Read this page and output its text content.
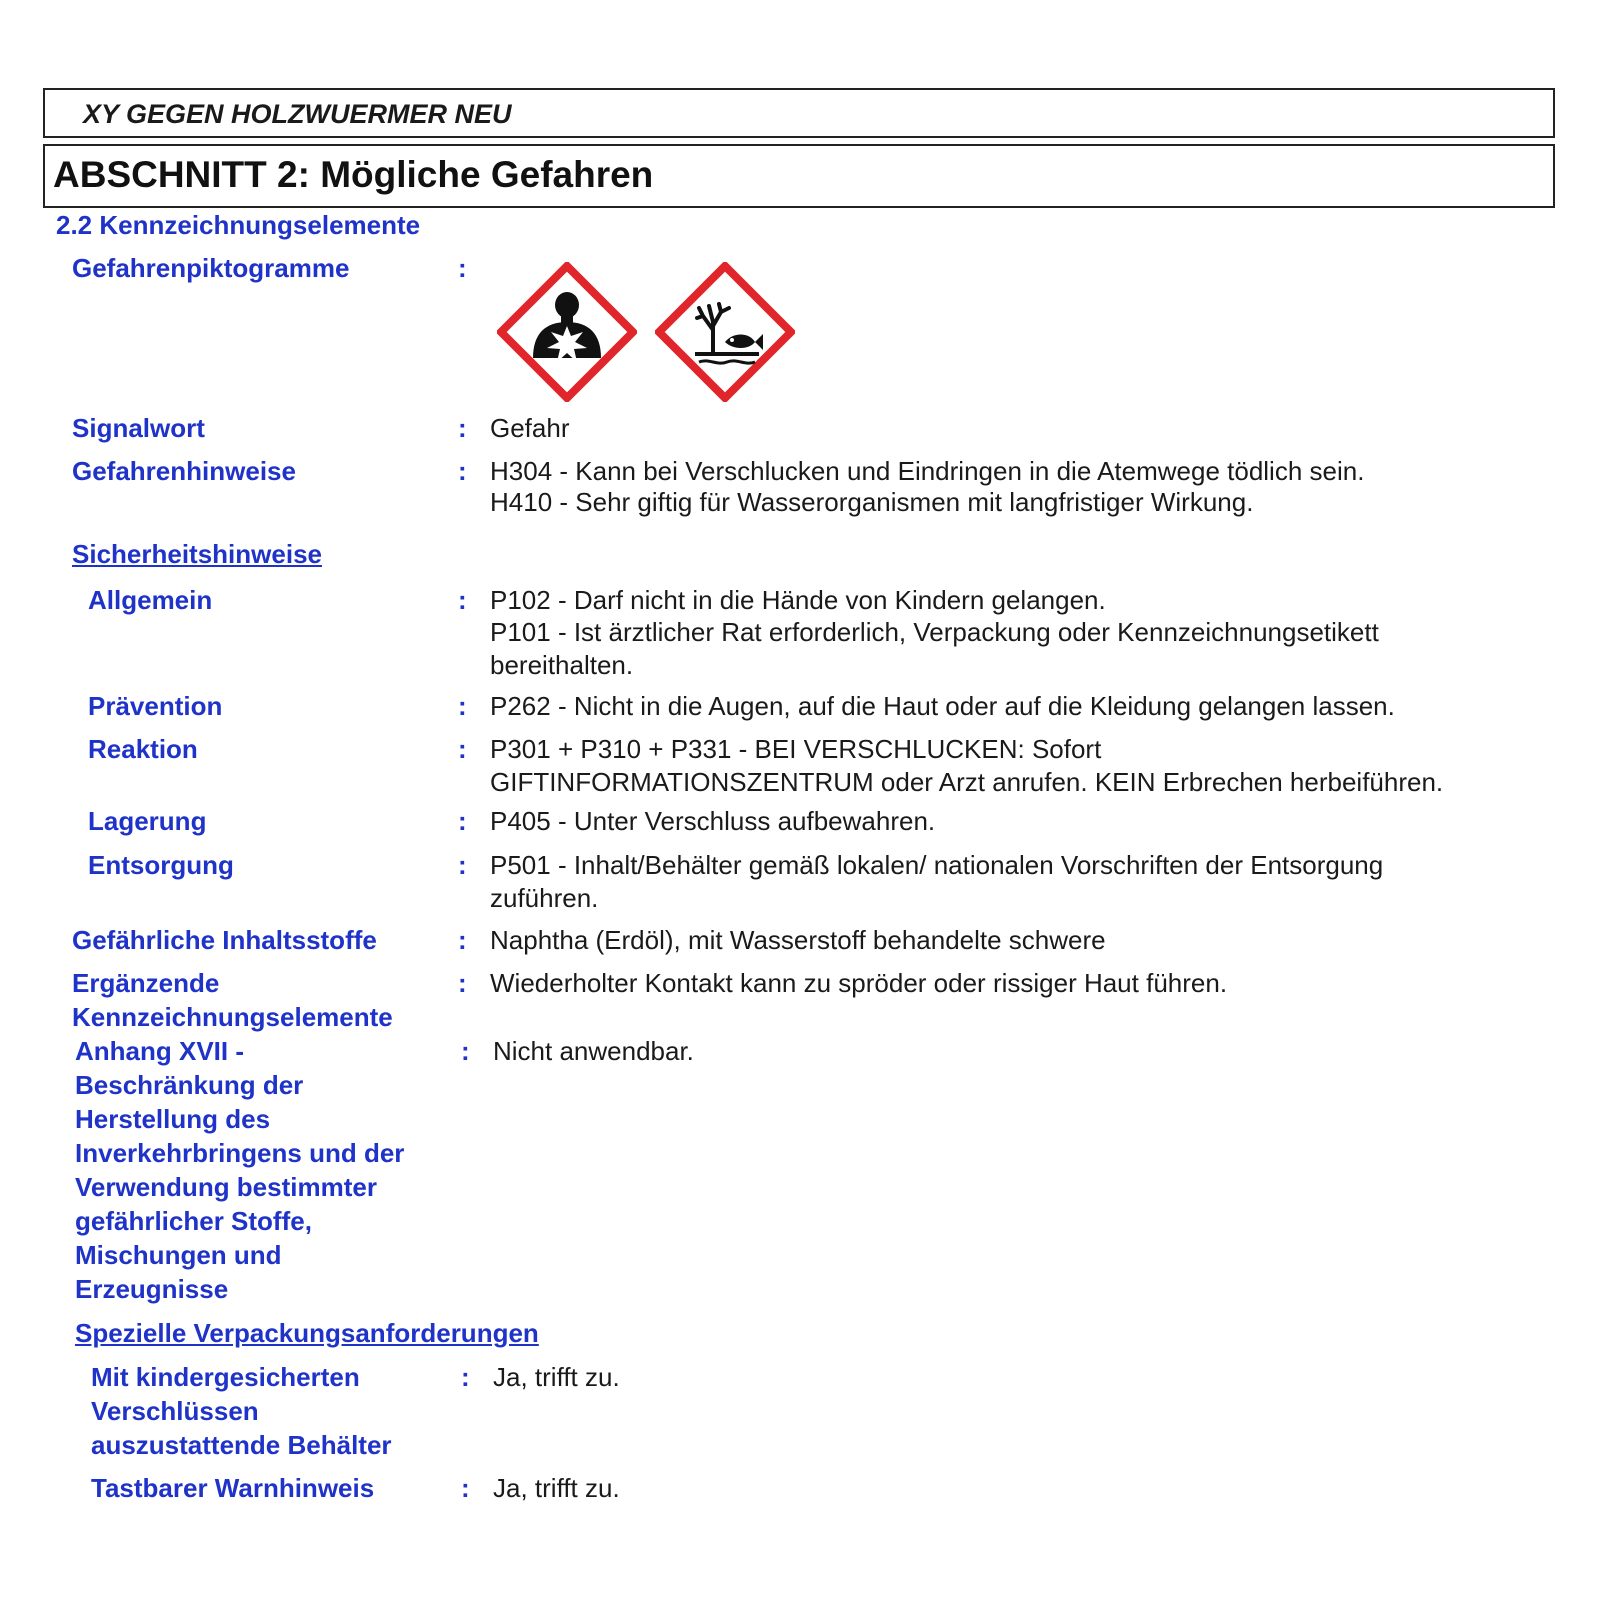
XY GEGEN HOLZWUERMER NEU
ABSCHNITT 2: Mögliche Gefahren
2.2 Kennzeichnungselemente
Gefahrenpiktogramme	:
Signalwort	: Gefahr
Gefahrenhinweise	: H304 - Kann bei Verschlucken und Eindringen in die Atemwege tödlich sein.
H410 - Sehr giftig für Wasserorganismen mit langfristiger Wirkung.
Sicherheitshinweise
Allgemein	: P102 - Darf nicht in die Hände von Kindern gelangen.
P101 - Ist ärztlicher Rat erforderlich, Verpackung oder Kennzeichnungsetikett
bereithalten.
Prävention	: P262 - Nicht in die Augen, auf die Haut oder auf die Kleidung gelangen lassen.
Reaktion	: P301 + P310 + P331 - BEI VERSCHLUCKEN: Sofort
GIFTINFORMATIONSZENTRUM oder Arzt anrufen. KEIN Erbrechen herbeiführen.
Lagerung	: P405 - Unter Verschluss aufbewahren.
Entsorgung	: P501 - Inhalt/Behälter gemäß lokalen/ nationalen Vorschriften der Entsorgung
zuführen.
Gefährliche Inhaltsstoffe	: Naphtha (Erdöl), mit Wasserstoff behandelte schwere
Ergänzende
Kennzeichnungselemente
: Wiederholter Kontakt kann zu spröder oder rissiger Haut führen.
Anhang XVII -
Beschränkung der
Herstellung des
Inverkehrbringens und der
Verwendung bestimmter
gefährlicher Stoffe,
Mischungen und
Erzeugnisse
: Nicht anwendbar.
Spezielle Verpackungsanforderungen
Mit kindergesicherten
Verschlüssen
auszustattende Behälter
: Ja, trifft zu.
Tastbarer Warnhinweis	: Ja, trifft zu.
